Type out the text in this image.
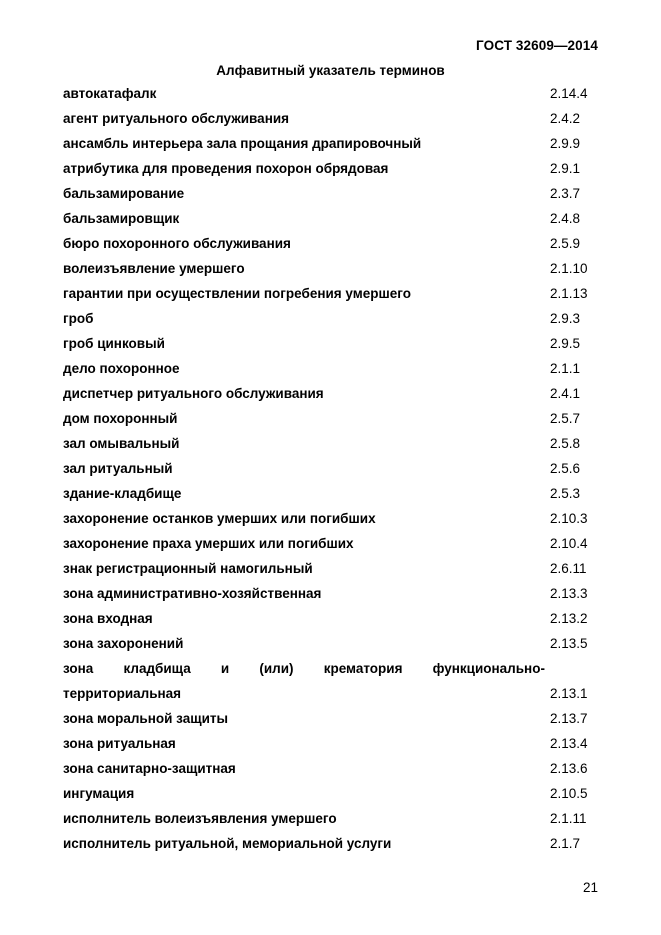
ГОСТ 32609—2014
Алфавитный указатель терминов
автокатафалк	2.14.4
агент ритуального обслуживания	2.4.2
ансамбль интерьера зала прощания драпировочный	2.9.9
атрибутика для проведения похорон обрядовая	2.9.1
бальзамирование	2.3.7
бальзамировщик	2.4.8
бюро похоронного обслуживания	2.5.9
волеизъявление умершего	2.1.10
гарантии при осуществлении погребения умершего	2.1.13
гроб	2.9.3
гроб цинковый	2.9.5
дело похоронное	2.1.1
диспетчер ритуального обслуживания	2.4.1
дом похоронный	2.5.7
зал омывальный	2.5.8
зал ритуальный	2.5.6
здание-кладбище	2.5.3
захоронение останков умерших или погибших	2.10.3
захоронение праха умерших или погибших	2.10.4
знак регистрационный намогильный	2.6.11
зона административно-хозяйственная	2.13.3
зона входная	2.13.2
зона захоронений	2.13.5
зона кладбища и (или) крематория функционально-
территориальная	2.13.1
зона моральной защиты	2.13.7
зона ритуальная	2.13.4
зона санитарно-защитная	2.13.6
ингумация	2.10.5
исполнитель волеизъявления умершего	2.1.11
исполнитель ритуальной, мемориальной услуги	2.1.7
21
